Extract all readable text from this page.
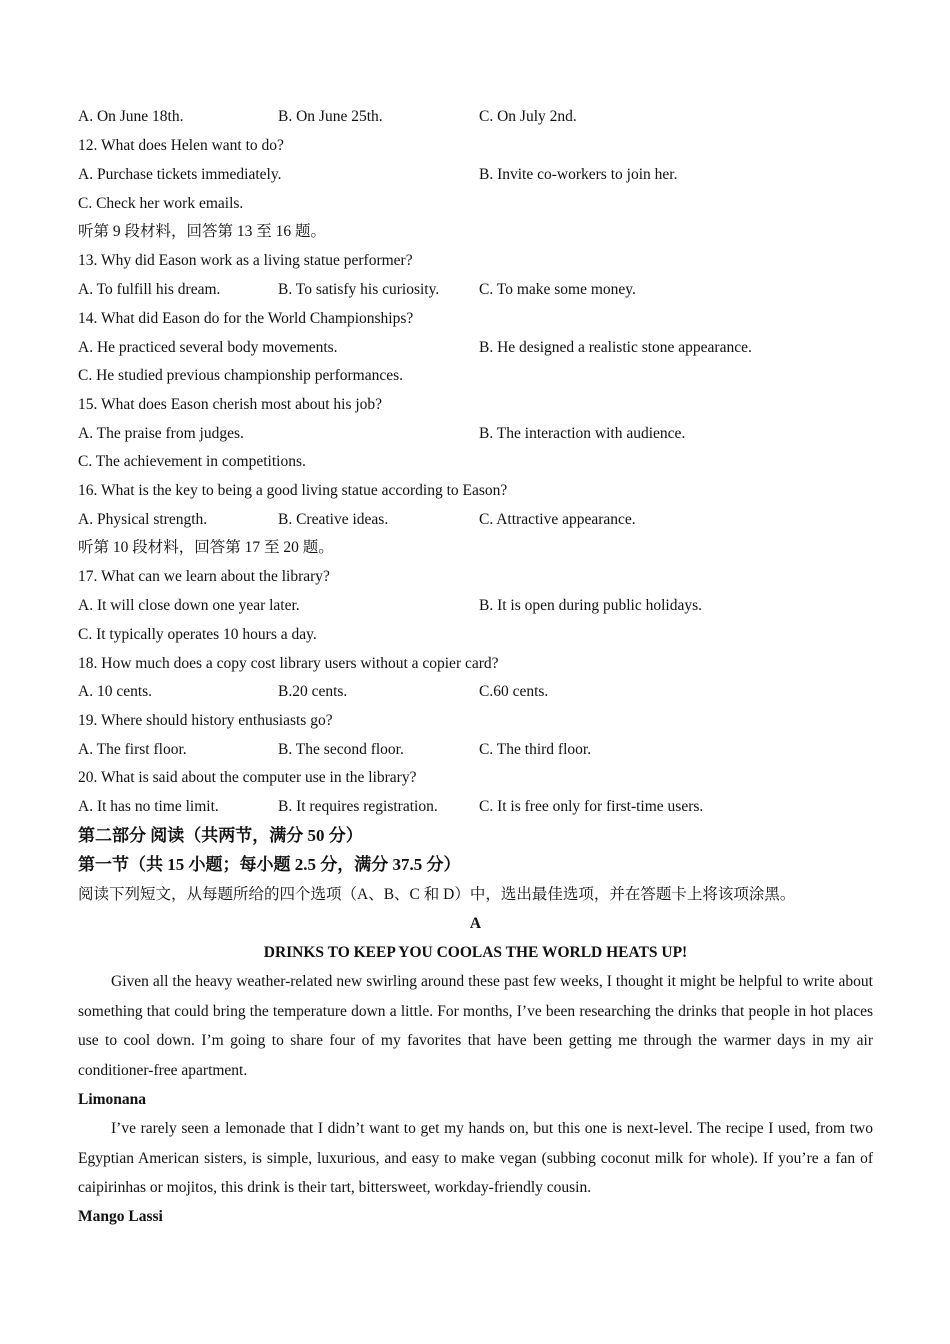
A. On June 18th.	B. On June 25th.	C. On July 2nd.
12. What does Helen want to do?
A. Purchase tickets immediately.	B. Invite co-workers to join her.
C. Check her work emails.
听第 9 段材料，回答第 13 至 16 题。
13. Why did Eason work as a living statue performer?
A. To fulfill his dream.	B. To satisfy his curiosity.	C. To make some money.
14. What did Eason do for the World Championships?
A. He practiced several body movements.	B. He designed a realistic stone appearance.
C. He studied previous championship performances.
15. What does Eason cherish most about his job?
A. The praise from judges.	B. The interaction with audience.
C. The achievement in competitions.
16. What is the key to being a good living statue according to Eason?
A. Physical strength.	B. Creative ideas.	C. Attractive appearance.
听第 10 段材料，回答第 17 至 20 题。
17. What can we learn about the library?
A. It will close down one year later.	B. It is open during public holidays.
C. It typically operates 10 hours a day.
18. How much does a copy cost library users without a copier card?
A. 10 cents.	B.20 cents.	C.60 cents.
19. Where should history enthusiasts go?
A. The first floor.	B. The second floor.	C. The third floor.
20. What is said about the computer use in the library?
A. It has no time limit.	B. It requires registration.	C. It is free only for first-time users.
第二部分 阅读（共两节，满分 50 分）
第一节（共 15 小题；每小题 2.5 分，满分 37.5 分）
阅读下列短文，从每题所给的四个选项（A、B、C 和 D）中，选出最佳选项，并在答题卡上将该项涂黑。
A
DRINKS TO KEEP YOU COOLAS THE WORLD HEATS UP!
Given all the heavy weather-related new swirling around these past few weeks, I thought it might be helpful to write about something that could bring the temperature down a little. For months, I’ve been researching the drinks that people in hot places use to cool down. I’m going to share four of my favorites that have been getting me through the warmer days in my air conditioner-free apartment.
Limonana
I’ve rarely seen a lemonade that I didn’t want to get my hands on, but this one is next-level. The recipe I used, from two Egyptian American sisters, is simple, luxurious, and easy to make vegan (subbing coconut milk for whole). If you’re a fan of caipirinhas or mojitos, this drink is their tart, bittersweet, workday-friendly cousin.
Mango Lassi
